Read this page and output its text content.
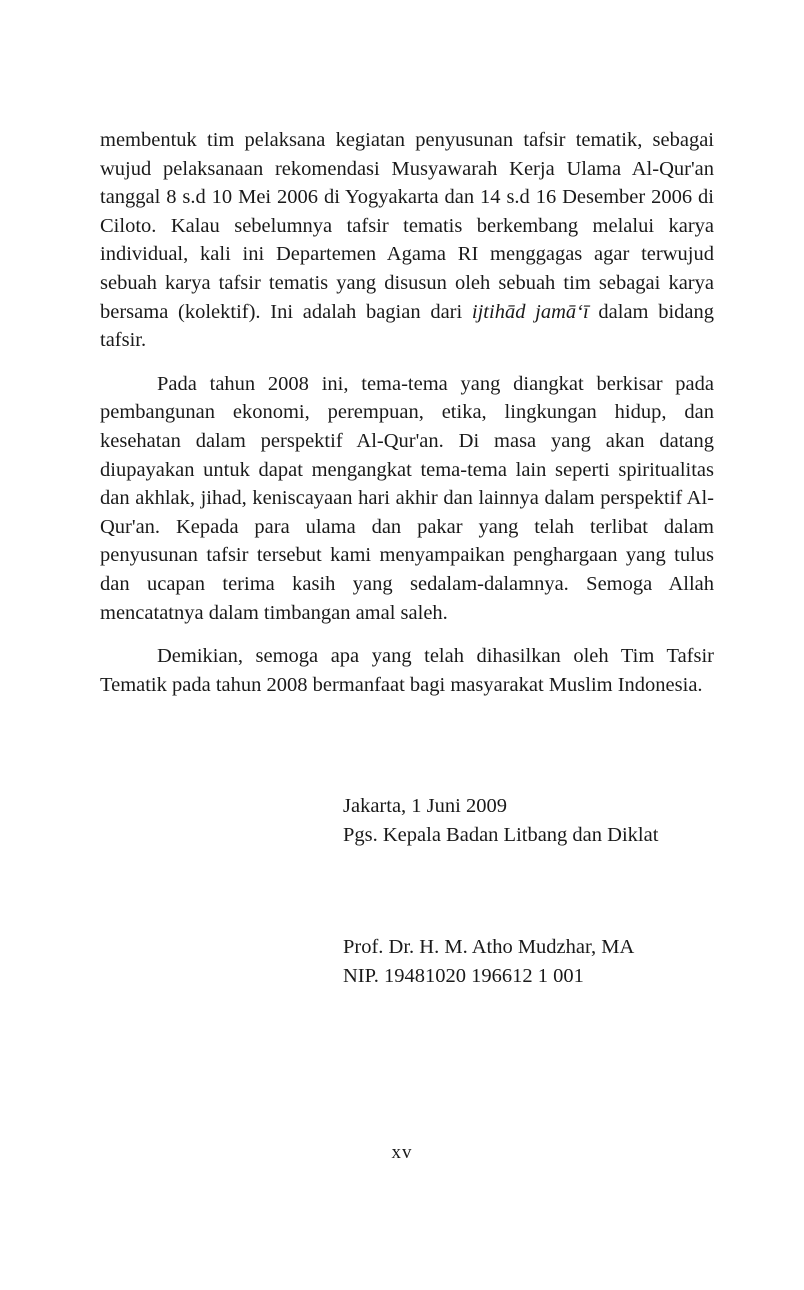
membentuk tim pelaksana kegiatan penyusunan tafsir tematik, sebagai wujud pelaksanaan rekomendasi Musyawarah Kerja Ulama Al-Qur'an tanggal 8 s.d 10 Mei 2006 di Yogyakarta dan 14 s.d 16 Desember 2006 di Ciloto. Kalau sebelumnya tafsir tematis berkembang melalui karya individual, kali ini Departemen Agama RI menggagas agar terwujud sebuah karya tafsir tematis yang disusun oleh sebuah tim sebagai karya bersama (kolektif). Ini adalah bagian dari ijtihād jamā‘ī dalam bidang tafsir.

Pada tahun 2008 ini, tema-tema yang diangkat berkisar pada pembangunan ekonomi, perempuan, etika, lingkungan hidup, dan kesehatan dalam perspektif Al-Qur'an. Di masa yang akan datang diupayakan untuk dapat mengangkat tema-tema lain seperti spiritualitas dan akhlak, jihad, keniscayaan hari akhir dan lainnya dalam perspektif Al-Qur'an. Kepada para ulama dan pakar yang telah terlibat dalam penyusunan tafsir tersebut kami menyampaikan penghargaan yang tulus dan ucapan terima kasih yang sedalam-dalamnya. Semoga Allah mencatatnya dalam timbangan amal saleh.

Demikian, semoga apa yang telah dihasilkan oleh Tim Tafsir Tematik pada tahun 2008 bermanfaat bagi masyarakat Muslim Indonesia.

Jakarta, 1 Juni 2009
Pgs. Kepala Badan Litbang dan Diklat
Prof. Dr. H. M. Atho Mudzhar, MA
NIP. 19481020 196612 1 001
xv
